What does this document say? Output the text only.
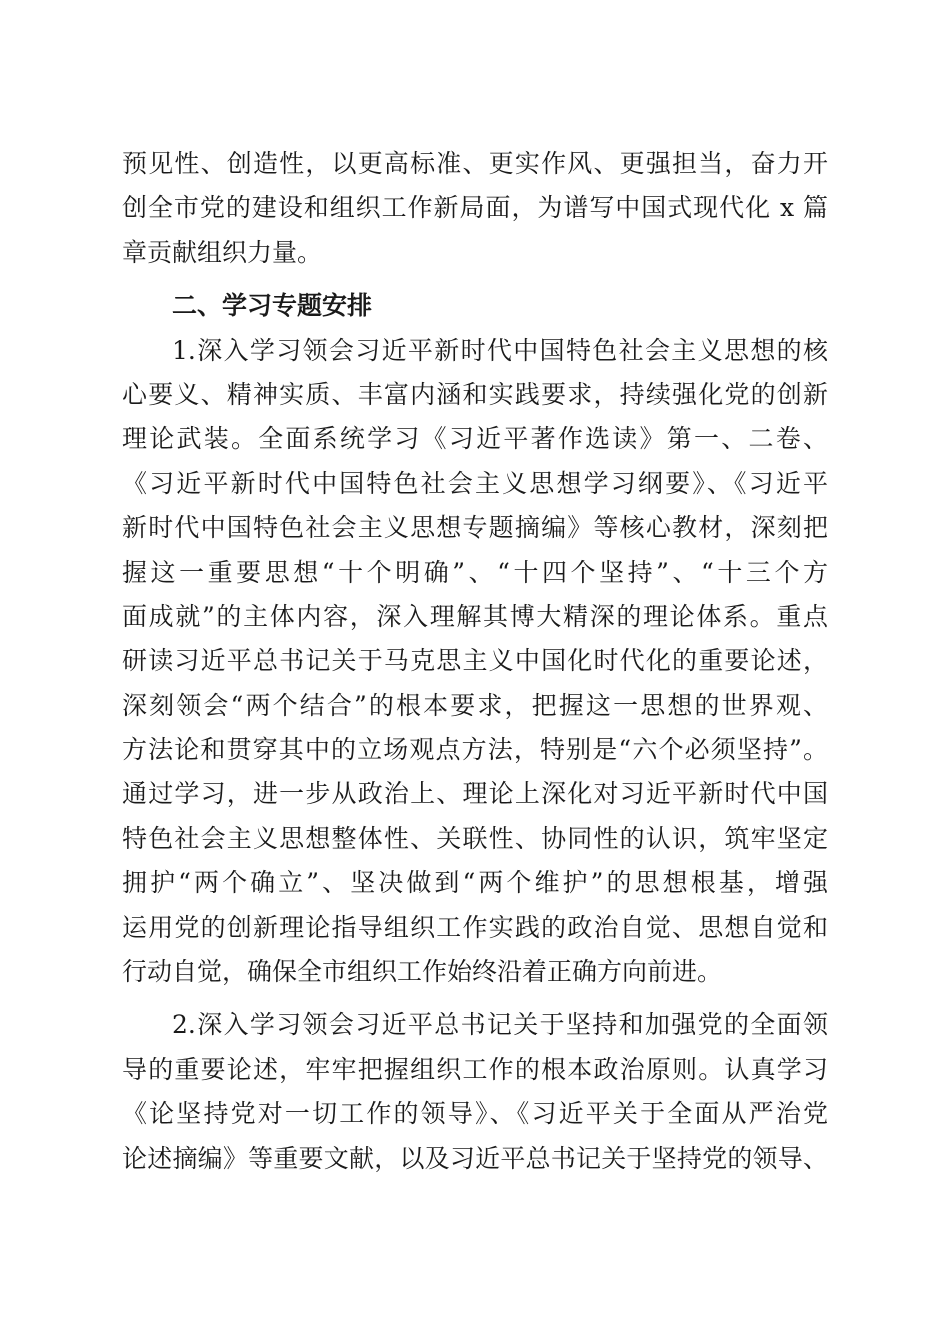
预见性、创造性，以更高标准、更实作风、更强担当，奋力开
创全市党的建设和组织工作新局面，为谱写中国式现代化 x 篇
章贡献组织力量。
二、学习专题安排
1.深入学习领会习近平新时代中国特色社会主义思想的核
心要义、精神实质、丰富内涵和实践要求，持续强化党的创新
理论武装。全面系统学习《习近平著作选读》第一、二卷、
《习近平新时代中国特色社会主义思想学习纲要》、《习近平
新时代中国特色社会主义思想专题摘编》等核心教材，深刻把
握这一重要思想“十个明确”、“十四个坚持”、“十三个方
面成就”的主体内容，深入理解其博大精深的理论体系。重点
研读习近平总书记关于马克思主义中国化时代化的重要论述，
深刻领会“两个结合”的根本要求，把握这一思想的世界观、
方法论和贯穿其中的立场观点方法，特别是“六个必须坚持”。
通过学习，进一步从政治上、理论上深化对习近平新时代中国
特色社会主义思想整体性、关联性、协同性的认识，筑牢坚定
拥护“两个确立”、坚决做到“两个维护”的思想根基，增强
运用党的创新理论指导组织工作实践的政治自觉、思想自觉和
行动自觉，确保全市组织工作始终沿着正确方向前进。
2.深入学习领会习近平总书记关于坚持和加强党的全面领
导的重要论述，牢牢把握组织工作的根本政治原则。认真学习
《论坚持党对一切工作的领导》、《习近平关于全面从严治党
论述摘编》等重要文献，以及习近平总书记关于坚持党的领导、
